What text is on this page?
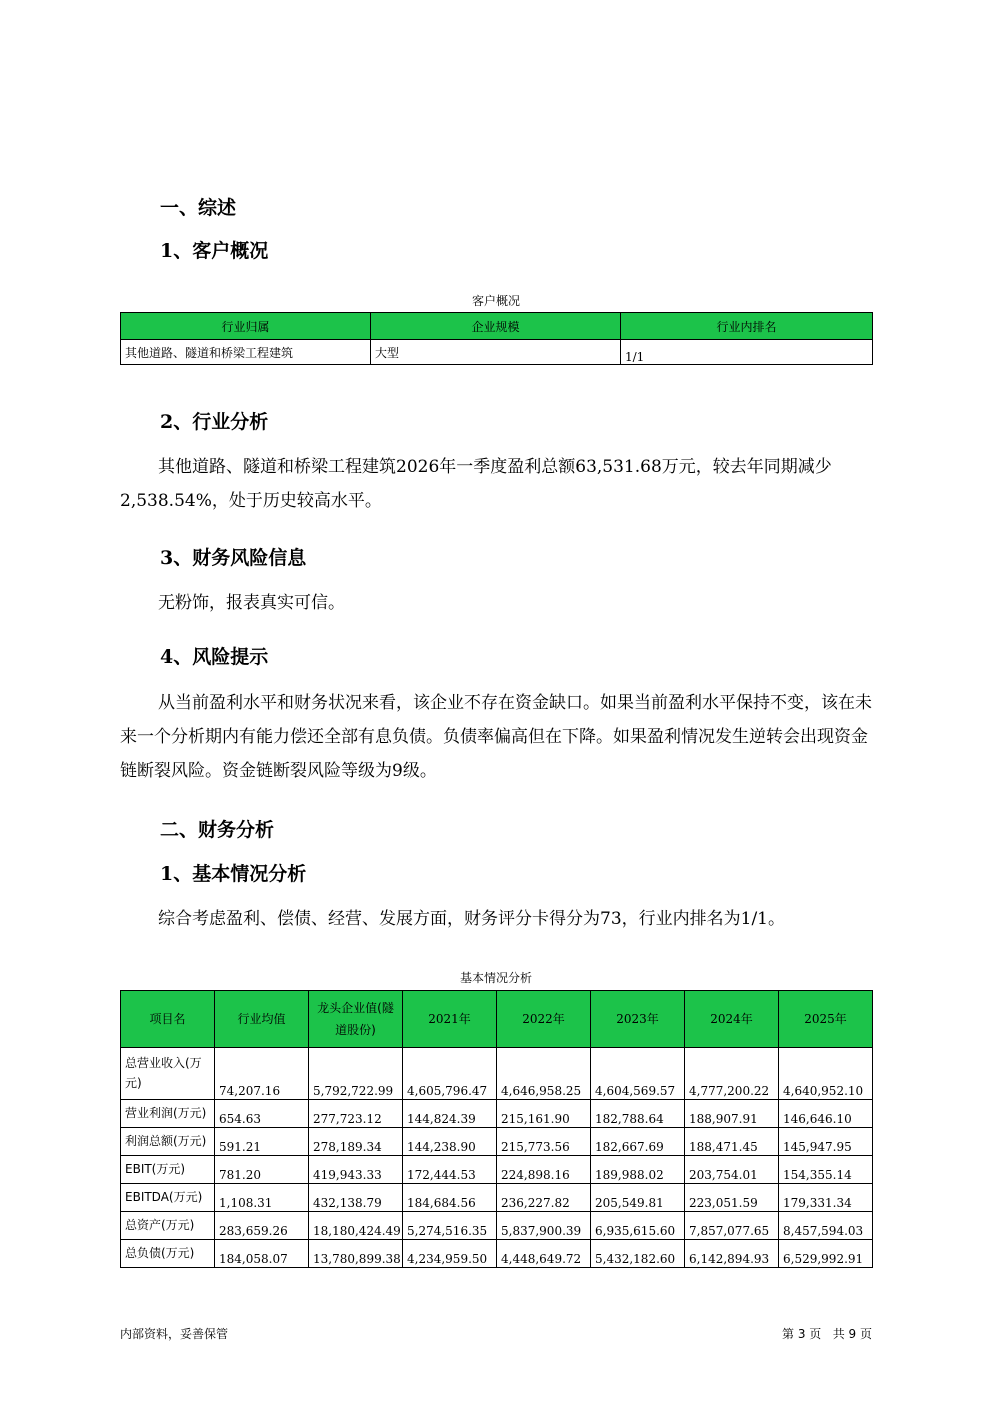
一、综述
1、客户概况
客户概况
行业归属	企业规模	行业内排名
其他道路、隧道和桥梁工程建筑	大型	1/1
2、行业分析
其他道路、隧道和桥梁工程建筑2026年一季度盈利总额63,531.68万元，较去年同期减少2,538.54%，处于历史较高水平。
3、财务风险信息
无粉饰，报表真实可信。
4、风险提示
从当前盈利水平和财务状况来看，该企业不存在资金缺口。如果当前盈利水平保持不变，该在未来一个分析期内有能力偿还全部有息负债。负债率偏高但在下降。如果盈利情况发生逆转会出现资金链断裂风险。资金链断裂风险等级为9级。
二、财务分析
1、基本情况分析
综合考虑盈利、偿债、经营、发展方面，财务评分卡得分为73，行业内排名为1/1。
基本情况分析
项目名	行业均值	龙头企业值(隧道股份)	2021年	2022年	2023年	2024年	2025年
总营业收入(万元)	74,207.16	5,792,722.99	4,605,796.47	4,646,958.25	4,604,569.57	4,777,200.22	4,640,952.10
营业利润(万元)	654.63	277,723.12	144,824.39	215,161.90	182,788.64	188,907.91	146,646.10
利润总额(万元)	591.21	278,189.34	144,238.90	215,773.56	182,667.69	188,471.45	145,947.95
EBIT(万元)	781.20	419,943.33	172,444.53	224,898.16	189,988.02	203,754.01	154,355.14
EBITDA(万元)	1,108.31	432,138.79	184,684.56	236,227.82	205,549.81	223,051.59	179,331.34
总资产(万元)	283,659.26	18,180,424.49	5,274,516.35	5,837,900.39	6,935,615.60	7,857,077.65	8,457,594.03
总负债(万元)	184,058.07	13,780,899.38	4,234,959.50	4,448,649.72	5,432,182.60	6,142,894.93	6,529,992.91
内部资料，妥善保管	第 3 页   共 9 页
